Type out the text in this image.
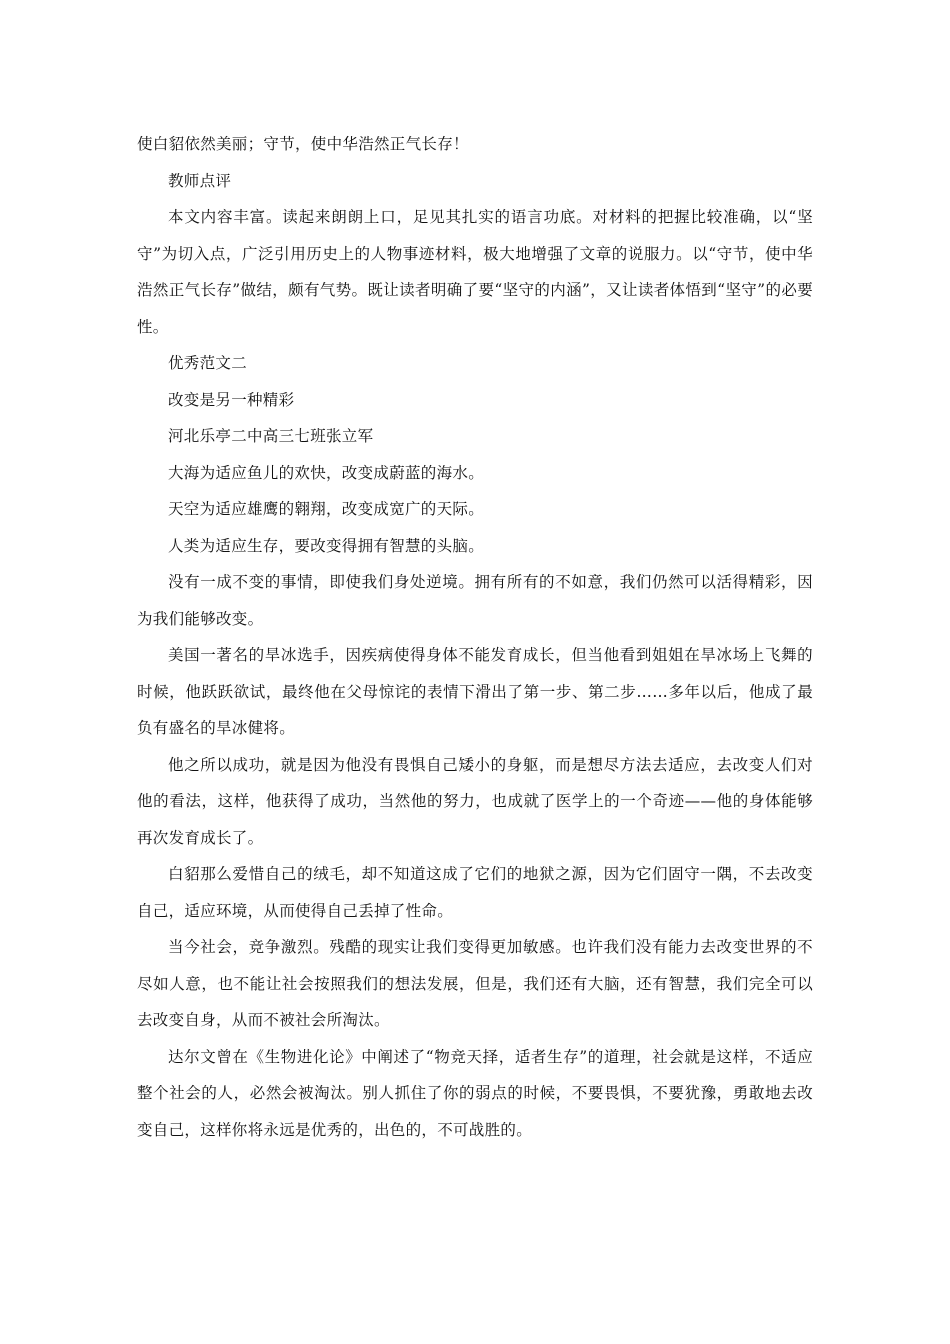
使白貂依然美丽；守节，使中华浩然正气长存！

教师点评

本文内容丰富。读起来朗朗上口，足见其扎实的语言功底。对材料的把握比较准确，以“坚守”为切入点，广泛引用历史上的人物事迹材料，极大地增强了文章的说服力。以“守节，使中华浩然正气长存”做结，颇有气势。既让读者明确了要“坚守的内涵”，又让读者体悟到“坚守”的必要性。

优秀范文二

改变是另一种精彩

河北乐亭二中高三七班张立军

大海为适应鱼儿的欢快，改变成蔚蓝的海水。

天空为适应雄鹰的翱翔，改变成宽广的天际。

人类为适应生存，要改变得拥有智慧的头脑。

没有一成不变的事情，即使我们身处逆境。拥有所有的不如意，我们仍然可以活得精彩，因为我们能够改变。

美国一著名的旱冰选手，因疾病使得身体不能发育成长，但当他看到姐姐在旱冰场上飞舞的时候，他跃跃欲试，最终他在父母惊诧的表情下滑出了第一步、第二步……多年以后，他成了最负有盛名的旱冰健将。

他之所以成功，就是因为他没有畏惧自己矮小的身躯，而是想尽方法去适应，去改变人们对他的看法，这样，他获得了成功，当然他的努力，也成就了医学上的一个奇迹——他的身体能够再次发育成长了。

白貂那么爱惜自己的绒毛，却不知道这成了它们的地狱之源，因为它们固守一隅，不去改变自己，适应环境，从而使得自己丢掉了性命。

当今社会，竞争激烈。残酷的现实让我们变得更加敏感。也许我们没有能力去改变世界的不尽如人意，也不能让社会按照我们的想法发展，但是，我们还有大脑，还有智慧，我们完全可以去改变自身，从而不被社会所淘汰。

达尔文曾在《生物进化论》中阐述了“物竞天择，适者生存”的道理，社会就是这样，不适应整个社会的人，必然会被淘汰。别人抓住了你的弱点的时候，不要畏惧，不要犹豫，勇敢地去改变自己，这样你将永远是优秀的，出色的，不可战胜的。
